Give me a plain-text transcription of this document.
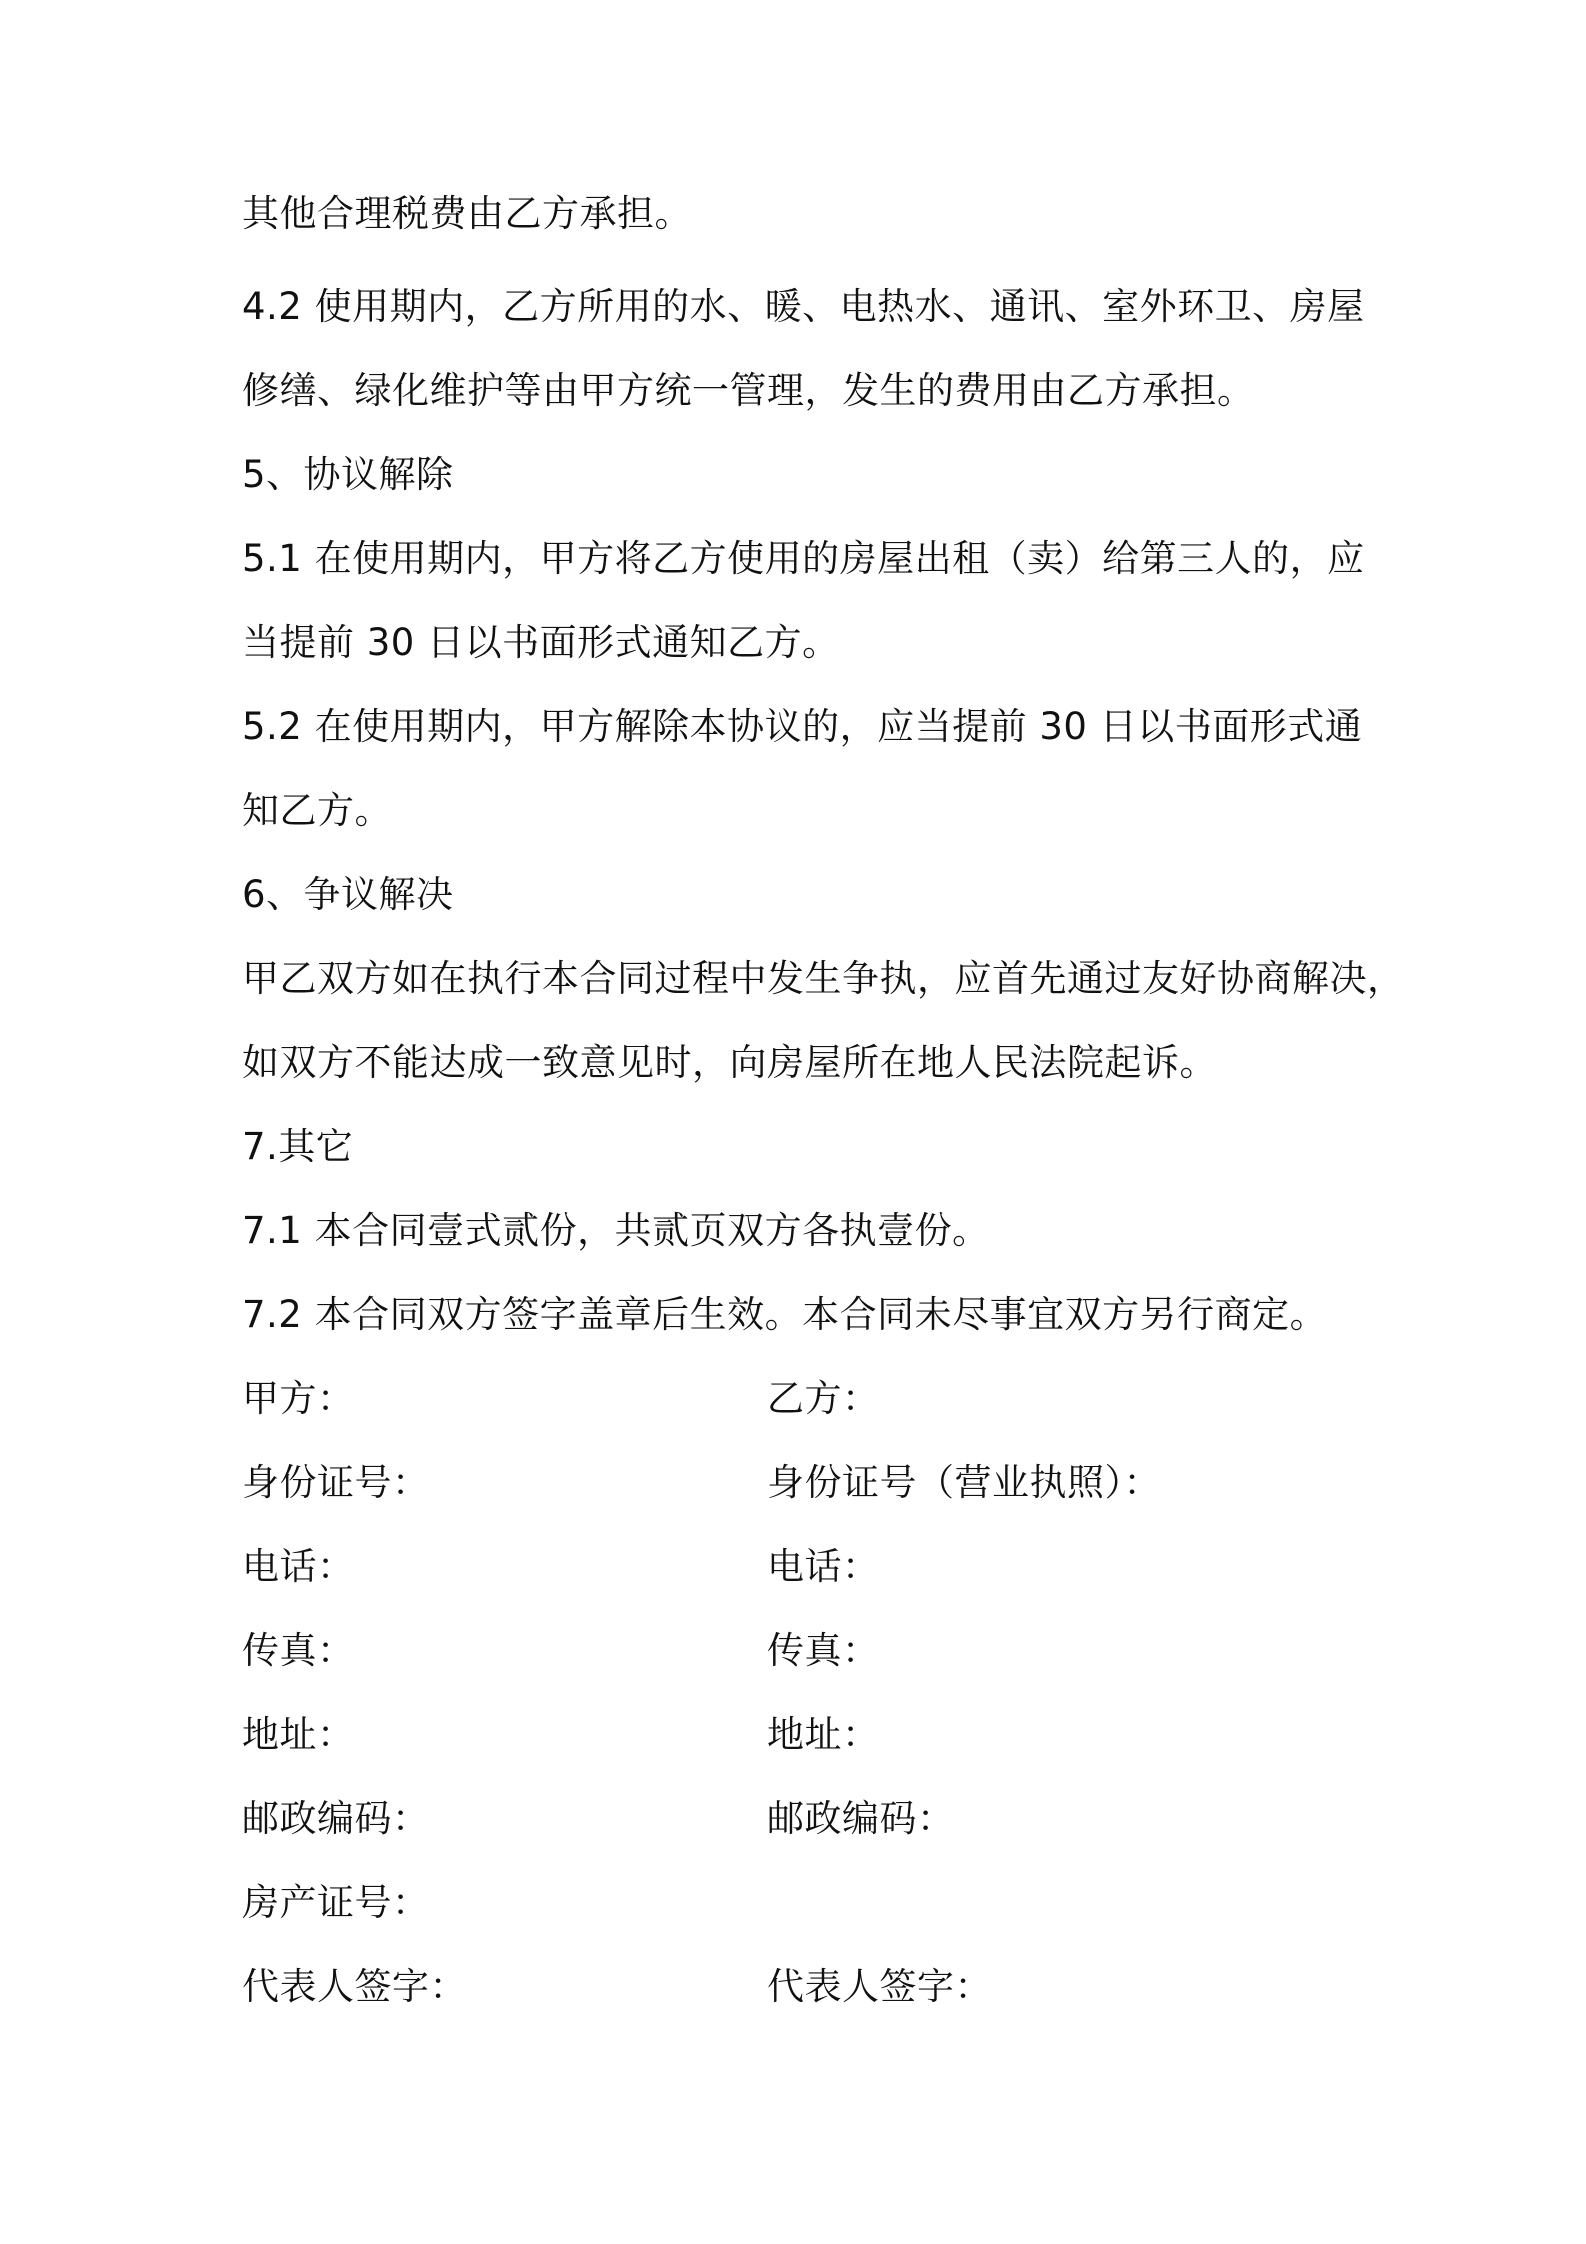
其他合理税费由乙方承担。
4.2 使用期内，乙方所用的水、暖、电热水、通讯、室外环卫、房屋
修缮、绿化维护等由甲方统一管理，发生的费用由乙方承担。
5、协议解除
5.1 在使用期内，甲方将乙方使用的房屋出租（卖）给第三人的，应
当提前 30 日以书面形式通知乙方。
5.2 在使用期内，甲方解除本协议的，应当提前 30 日以书面形式通
知乙方。
6、争议解决
甲乙双方如在执行本合同过程中发生争执，应首先通过友好协商解决，
如双方不能达成一致意见时，向房屋所在地人民法院起诉。
7.其它
7.1 本合同壹式贰份，共贰页双方各执壹份。
7.2 本合同双方签字盖章后生效。本合同未尽事宜双方另行商定。
甲方：
身份证号：
电话：
传真：
地址：
邮政编码：
房产证号：
代表人签字：
乙方：
身份证号（营业执照）：
电话：
传真：
地址：
邮政编码：
代表人签字：
